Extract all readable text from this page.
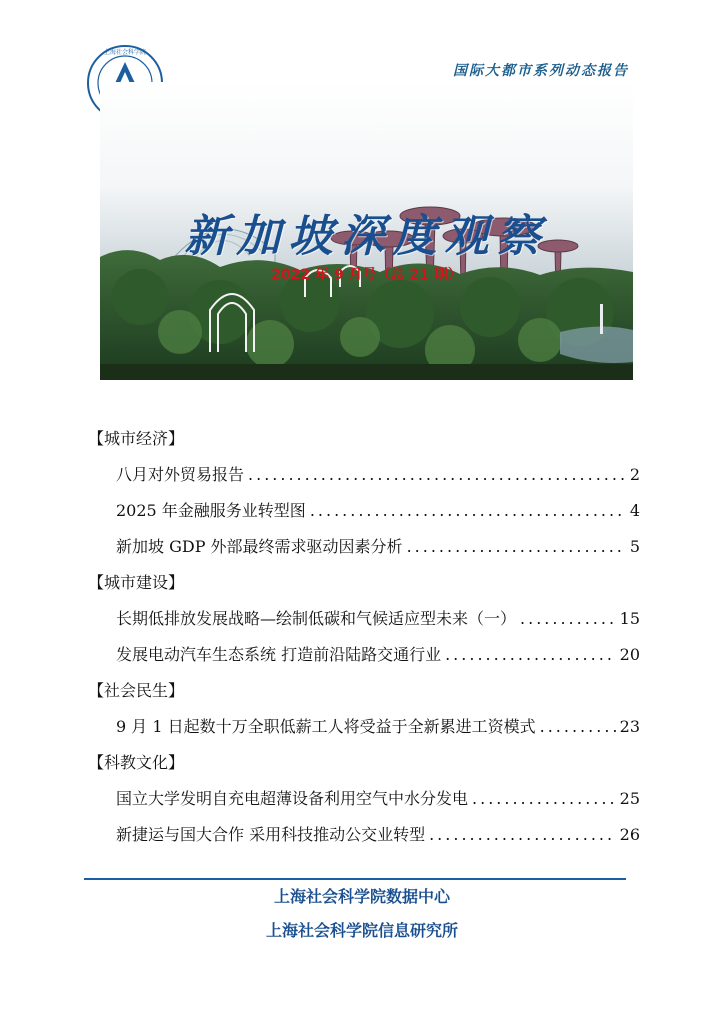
国际大都市系列动态报告
上海社会科学院
新加坡深度观察
2022 年 9 月号（总 21 期）
【城市经济】
八月对外贸易报告 .....	2
2025 年金融服务业转型图 .....	4
新加坡 GDP 外部最终需求驱动因素分析 .....	5
【城市建设】
长期低排放发展战略—绘制低碳和气候适应型未来（一） .....	15
发展电动汽车生态系统 打造前沿陆路交通行业 .....	20
【社会民生】
9 月 1 日起数十万全职低薪工人将受益于全新累进工资模式 .....	23
【科教文化】
国立大学发明自充电超薄设备利用空气中水分发电 .....	25
新捷运与国大合作 采用科技推动公交业转型 .....	26
上海社会科学院数据中心
上海社会科学院信息研究所
